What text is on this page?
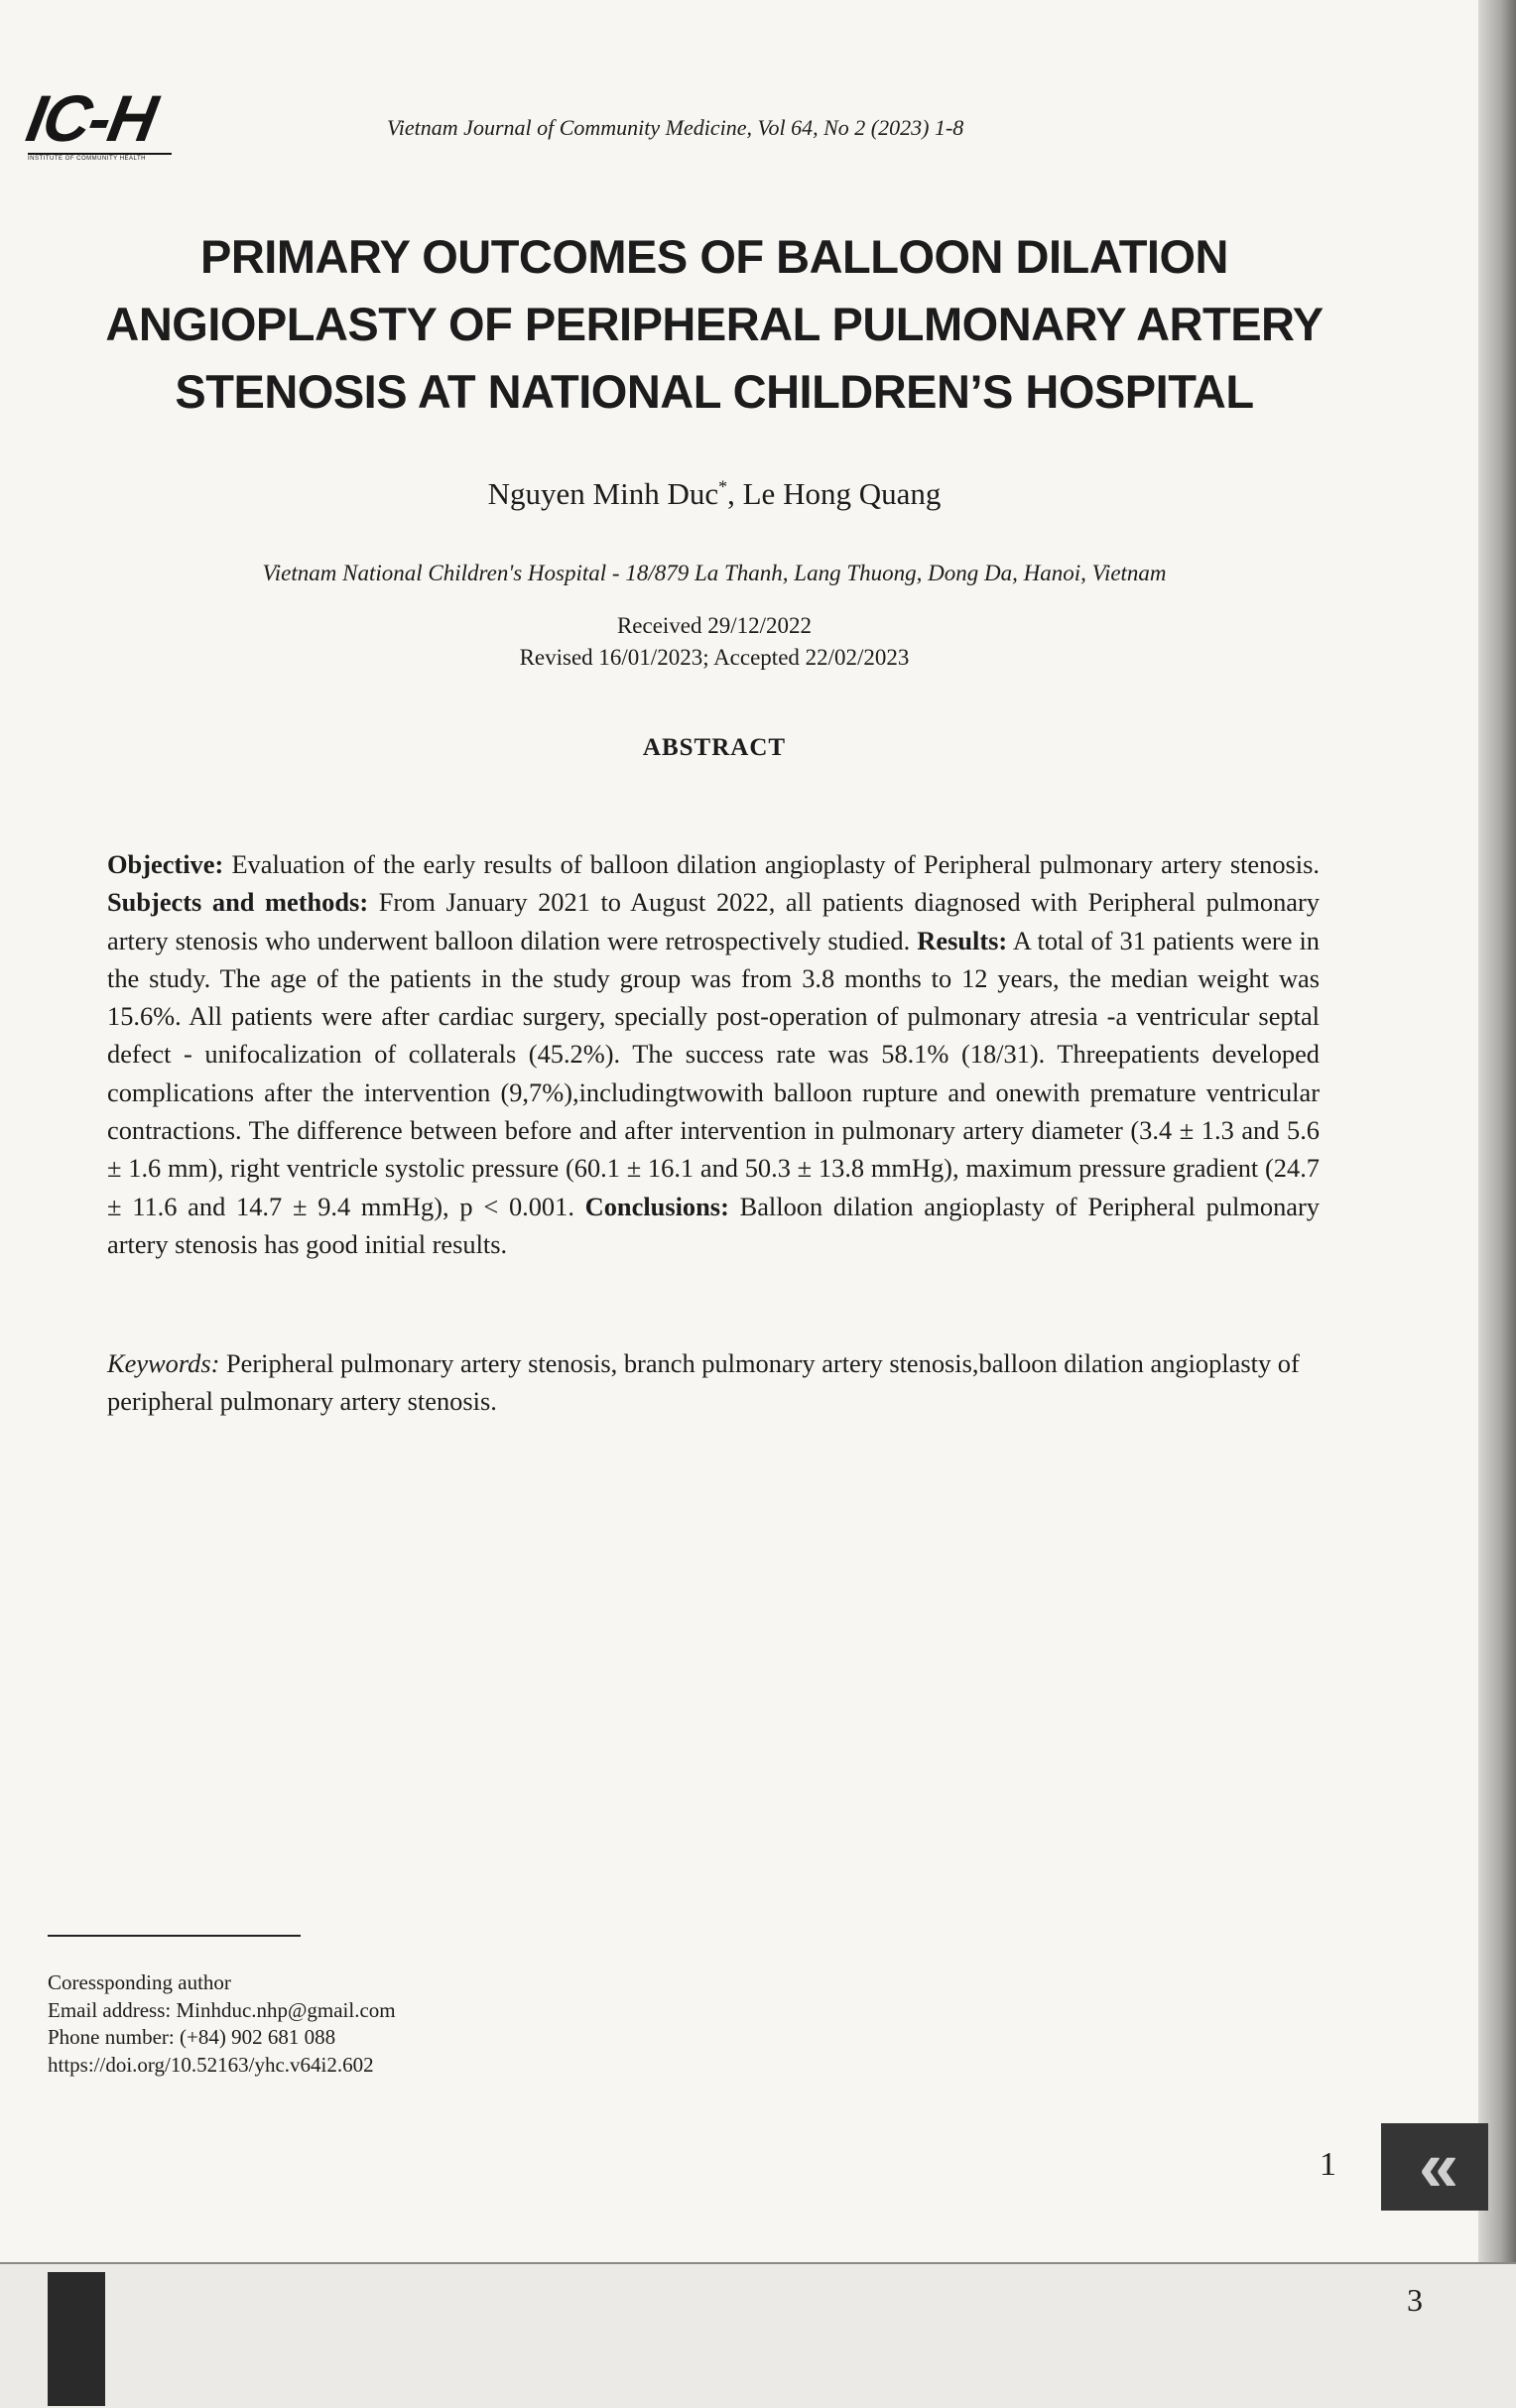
IC-H
INSTITUTE OF COMMUNITY HEALTH
Vietnam Journal of Community Medicine, Vol 64, No 2 (2023) 1-8
PRIMARY OUTCOMES OF BALLOON DILATION
ANGIOPLASTY OF PERIPHERAL PULMONARY ARTERY
STENOSIS AT NATIONAL CHILDREN’S HOSPITAL
Nguyen Minh Duc*, Le Hong Quang
Vietnam National Children's Hospital - 18/879 La Thanh, Lang Thuong, Dong Da, Hanoi, Vietnam
Received 29/12/2022
Revised 16/01/2023; Accepted 22/02/2023
ABSTRACT

Objective: Evaluation of the early results of balloon dilation angioplasty of Peripheral pulmonary artery stenosis. Subjects and methods: From January 2021 to August 2022, all patients diagnosed with Peripheral pulmonary artery stenosis who underwent balloon dilation were retrospectively studied. Results: A total of 31 patients were in the study. The age of the patients in the study group was from 3.8 months to 12 years, the median weight was 15.6%. All patients were after cardiac surgery, specially post-operation of pulmonary atresia -a ventricular septal defect - unifocalization of collaterals (45.2%). The success rate was 58.1% (18/31). Threepatients developed complications after the intervention (9,7%),includingtwowith balloon rupture and onewith premature ventricular contractions. The difference between before and after intervention in pulmonary artery diameter (3.4 ± 1.3 and 5.6 ± 1.6 mm), right ventricle systolic pressure (60.1 ± 16.1 and 50.3 ± 13.8 mmHg), maximum pressure gradient (24.7 ± 11.6 and 14.7 ± 9.4 mmHg), p < 0.001. Conclusions: Balloon dilation angioplasty of Peripheral pulmonary artery stenosis has good initial results.

Keywords: Peripheral pulmonary artery stenosis, branch pulmonary artery stenosis,balloon dilation angioplasty of peripheral pulmonary artery stenosis.

Coressponding author
Email address: Minhduc.nhp@gmail.com
Phone number: (+84) 902 681 088
https://doi.org/10.52163/yhc.v64i2.602
1	«
3
